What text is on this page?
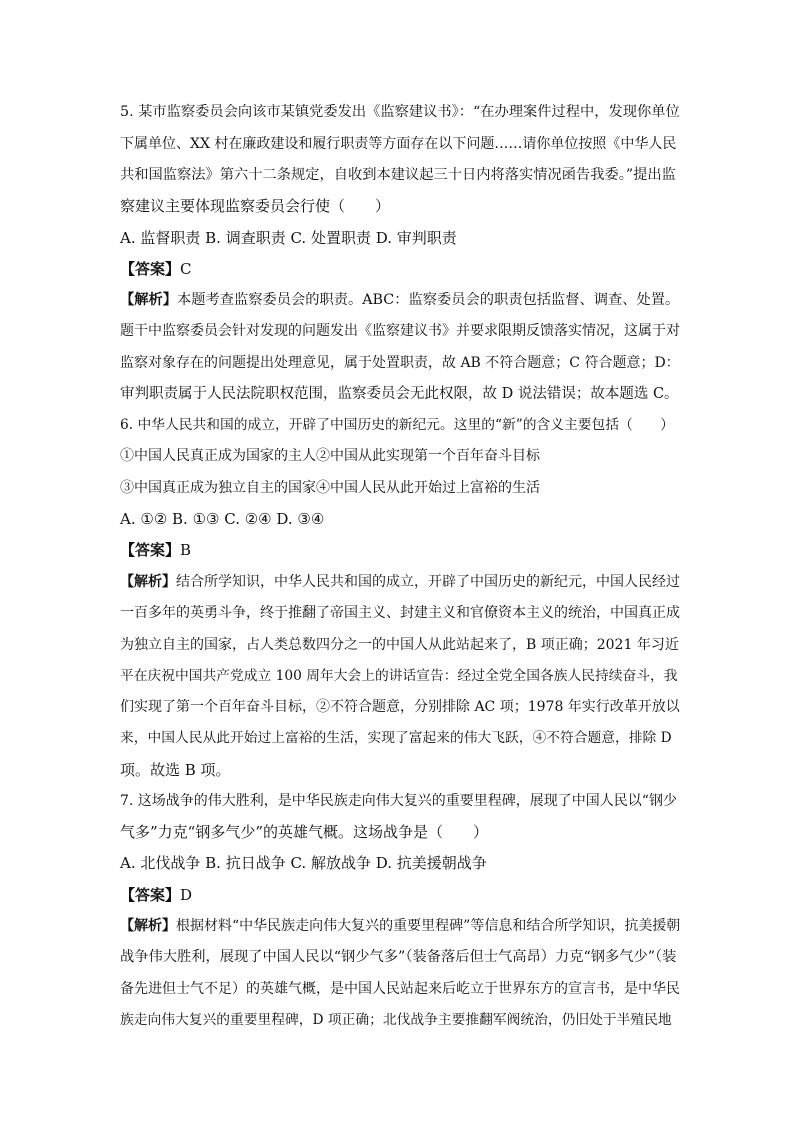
5. 某市监察委员会向该市某镇党委发出《监察建议书》：“在办理案件过程中，发现你单位
下属单位、XX 村在廉政建设和履行职责等方面存在以下问题……请你单位按照《中华人民
共和国监察法》第六十二条规定，自收到本建议起三十日内将落实情况函告我委。”提出监
察建议主要体现监察委员会行使（　　）
A. 监督职责 B. 调查职责 C. 处置职责 D. 审判职责
【答案】C
【解析】本题考查监察委员会的职责。ABC：监察委员会的职责包括监督、调查、处置。
题干中监察委员会针对发现的问题发出《监察建议书》并要求限期反馈落实情况，这属于对
监察对象存在的问题提出处理意见，属于处置职责，故 AB 不符合题意；C 符合题意；D：
审判职责属于人民法院职权范围，监察委员会无此权限，故 D 说法错误；故本题选 C。
6. 中华人民共和国的成立，开辟了中国历史的新纪元。这里的“新”的含义主要包括（　　）
①中国人民真正成为国家的主人②中国从此实现第一个百年奋斗目标
③中国真正成为独立自主的国家④中国人民从此开始过上富裕的生活
A. ①② B. ①③ C. ②④ D. ③④
【答案】B
【解析】结合所学知识，中华人民共和国的成立，开辟了中国历史的新纪元，中国人民经过
一百多年的英勇斗争，终于推翻了帝国主义、封建主义和官僚资本主义的统治，中国真正成
为独立自主的国家，占人类总数四分之一的中国人从此站起来了，B 项正确；2021 年习近
平在庆祝中国共产党成立 100 周年大会上的讲话宣告：经过全党全国各族人民持续奋斗，我
们实现了第一个百年奋斗目标，②不符合题意，分别排除 AC 项；1978 年实行改革开放以
来，中国人民从此开始过上富裕的生活，实现了富起来的伟大飞跃，④不符合题意，排除 D
项。故选 B 项。
7. 这场战争的伟大胜利，是中华民族走向伟大复兴的重要里程碑，展现了中国人民以“钢少
气多”力克“钢多气少”的英雄气概。这场战争是（　　）
A. 北伐战争 B. 抗日战争 C. 解放战争 D. 抗美援朝战争
【答案】D
【解析】根据材料“中华民族走向伟大复兴的重要里程碑”等信息和结合所学知识，抗美援朝
战争伟大胜利，展现了中国人民以“钢少气多”（装备落后但士气高昂）力克“钢多气少”（装
备先进但士气不足）的英雄气概，是中国人民站起来后屹立于世界东方的宣言书，是中华民
族走向伟大复兴的重要里程碑，D 项正确；北伐战争主要推翻军阀统治，仍旧处于半殖民地
